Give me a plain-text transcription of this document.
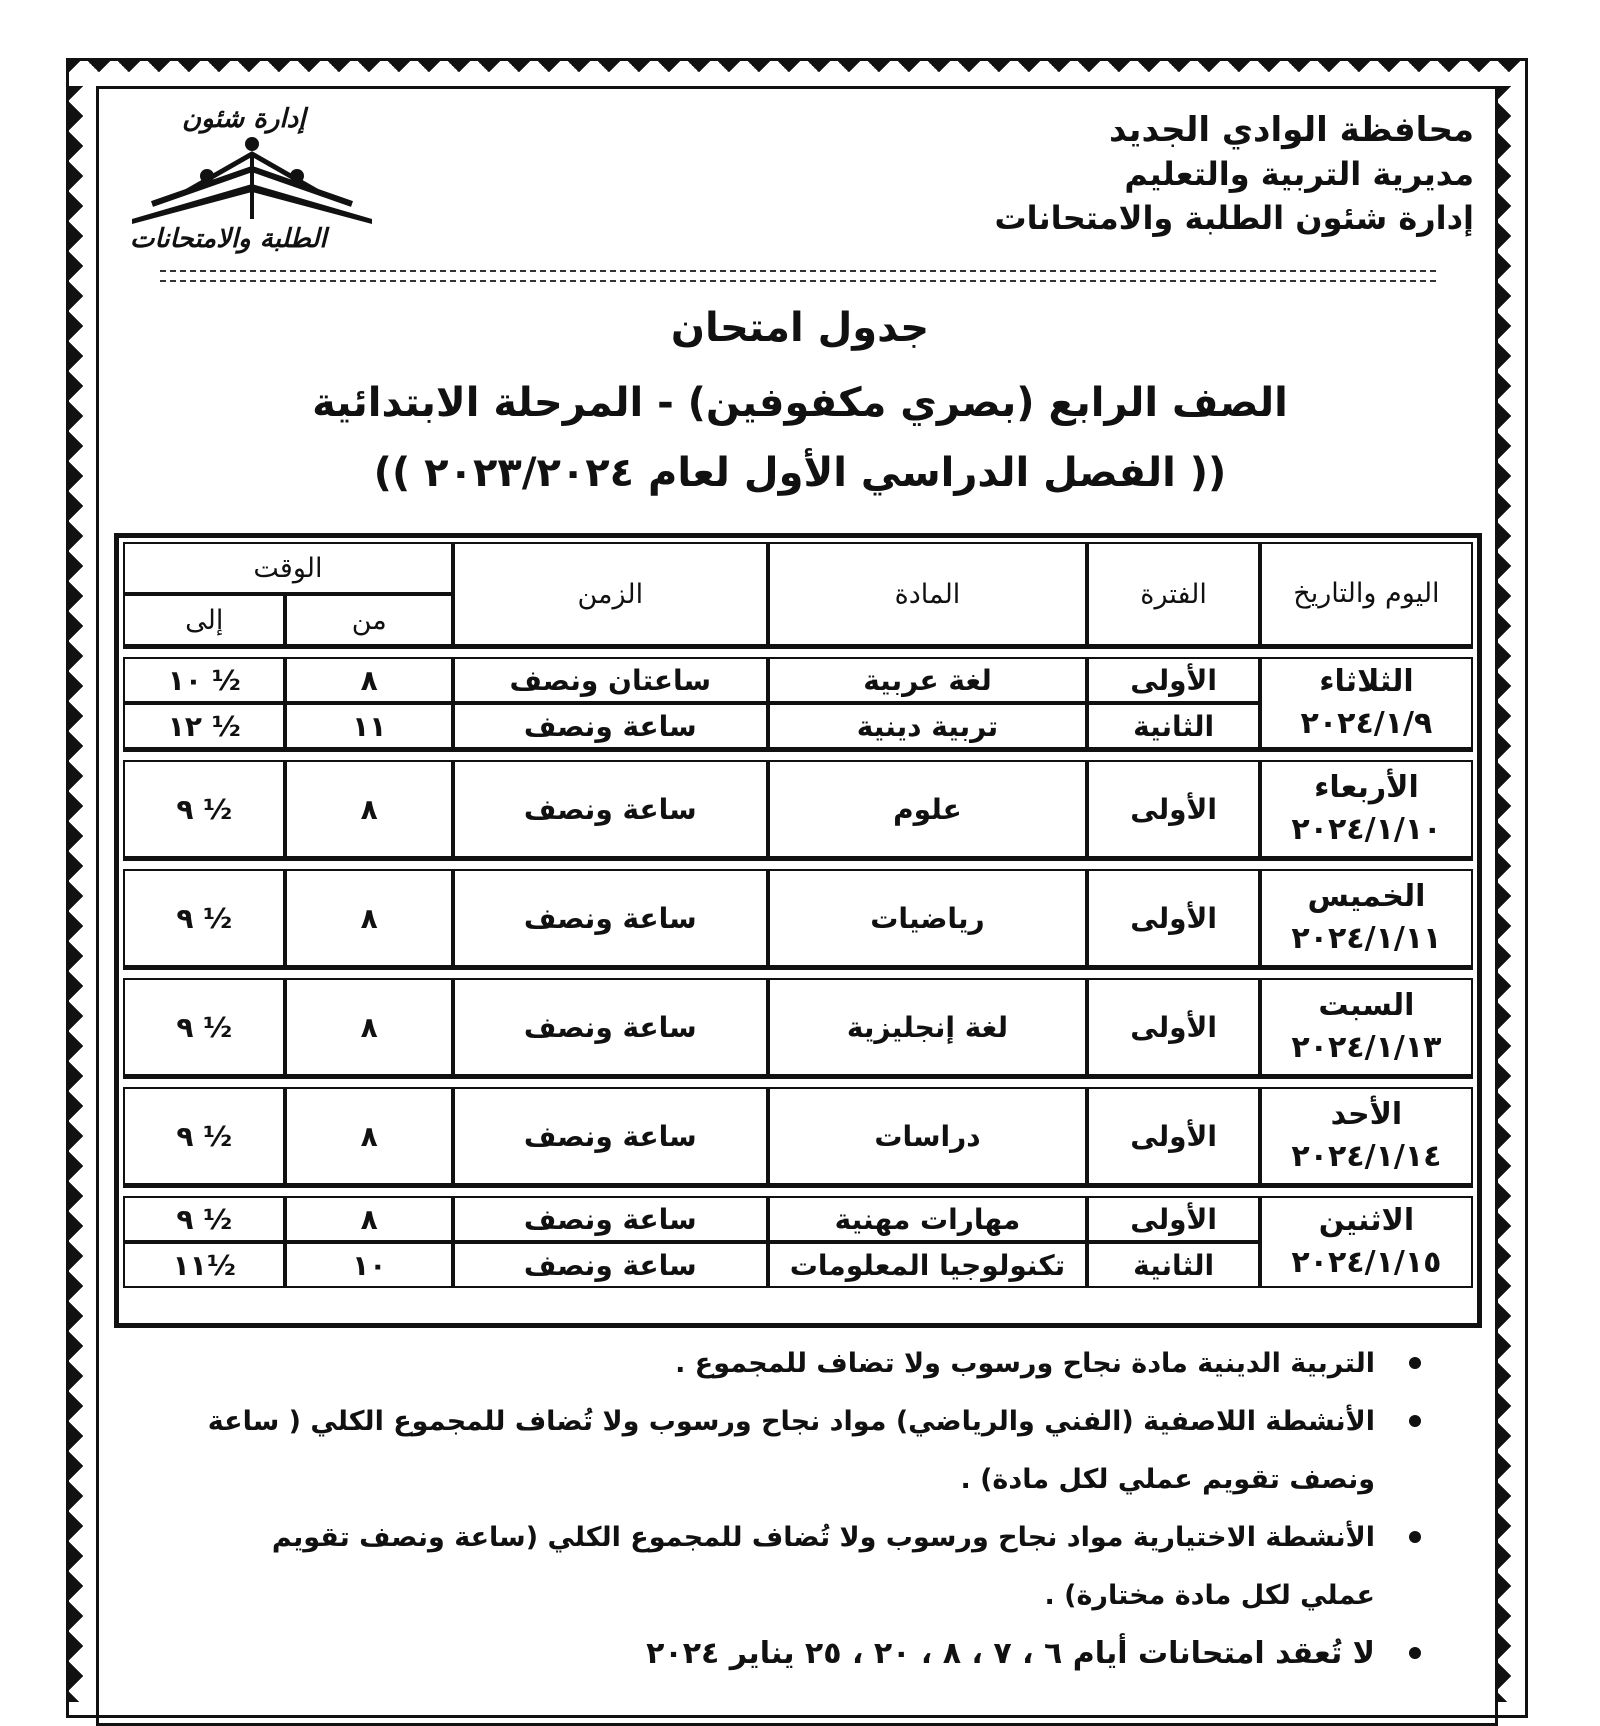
محافظة الوادي الجديد
مديرية التربية والتعليم
إدارة شئون الطلبة والامتحانات
إدارة شئون
الطلبة والامتحانات
جدول امتحان
الصف الرابع (بصري مكفوفين) - المرحلة الابتدائية
(( الفصل الدراسي الأول لعام ٢٠٢٣/٢٠٢٤ ))
اليوم والتاريخ	الفترة	المادة	الزمن	الوقت	
				من	إلى

الثلاثاء
٢٠٢٤/١/٩	الأولى	لغة عربية	ساعتان ونصف	٨	½ ١٠
	الثانية	تربية دينية	ساعة ونصف	١١	½ ١٢

الأربعاء
٢٠٢٤/١/١٠	الأولى	علوم	ساعة ونصف	٨	½ ٩

الخميس
٢٠٢٤/١/١١	الأولى	رياضيات	ساعة ونصف	٨	½ ٩

السبت
٢٠٢٤/١/١٣	الأولى	لغة إنجليزية	ساعة ونصف	٨	½ ٩

الأحد
٢٠٢٤/١/١٤	الأولى	دراسات	ساعة ونصف	٨	½ ٩

الاثنين
٢٠٢٤/١/١٥	الأولى	مهارات مهنية	ساعة ونصف	٨	½ ٩
	الثانية	تكنولوجيا المعلومات	ساعة ونصف	١٠	½١١
التربية الدينية مادة نجاح ورسوب ولا تضاف للمجموع .
الأنشطة اللاصفية (الفني والرياضي) مواد نجاح ورسوب ولا تُضاف للمجموع الكلي ( ساعة ونصف تقويم عملي لكل مادة) .
الأنشطة الاختيارية مواد نجاح ورسوب ولا تُضاف للمجموع الكلي (ساعة ونصف تقويم عملي لكل مادة مختارة) .
لا تُعقد امتحانات أيام ٦ ، ٧ ، ٨ ، ٢٠ ، ٢٥ يناير ٢٠٢٤
